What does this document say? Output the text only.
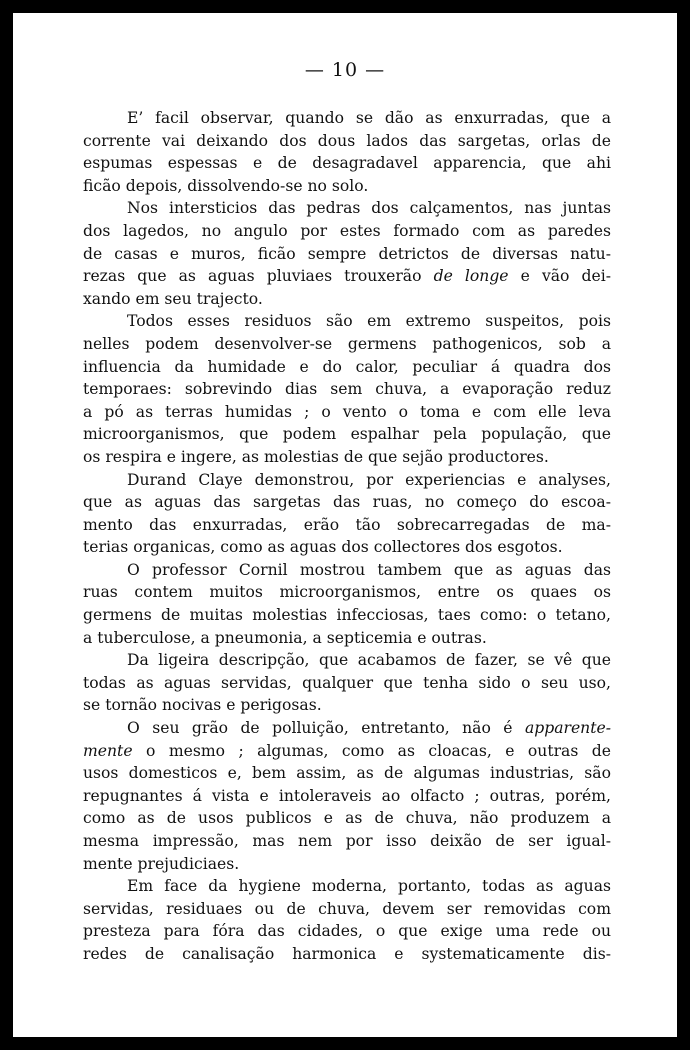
— 10 —
E’ facil observar, quando se dão as enxurradas, que a
corrente vai deixando dos dous lados das sargetas, orlas de
espumas espessas e de desagradavel apparencia, que ahi
ficão depois, dissolvendo-se no solo.
Nos intersticios das pedras dos calçamentos, nas juntas
dos lagedos, no angulo por estes formado com as paredes
de casas e muros, ficão sempre detrictos de diversas natu-
rezas que as aguas pluviaes trouxerão de longe e vão dei-
xando em seu trajecto.
Todos esses residuos são em extremo suspeitos, pois
nelles podem desenvolver-se germens pathogenicos, sob a
influencia da humidade e do calor, peculiar á quadra dos
temporaes: sobrevindo dias sem chuva, a evaporação reduz
a pó as terras humidas ; o vento o toma e com elle leva
microorganismos, que podem espalhar pela população, que
os respira e ingere, as molestias de que sejão productores.
Durand Claye demonstrou, por experiencias e analyses,
que as aguas das sargetas das ruas, no começo do escoa-
mento das enxurradas, erão tão sobrecarregadas de ma-
terias organicas, como as aguas dos collectores dos esgotos.
O professor Cornil mostrou tambem que as aguas das
ruas contem muitos microorganismos, entre os quaes os
germens de muitas molestias infecciosas, taes como: o tetano,
a tuberculose, a pneumonia, a septicemia e outras.
Da ligeira descripção, que acabamos de fazer, se vê que
todas as aguas servidas, qualquer que tenha sido o seu uso,
se tornão nocivas e perigosas.
O seu grão de polluição, entretanto, não é apparente-
mente o mesmo ; algumas, como as cloacas, e outras de
usos domesticos e, bem assim, as de algumas industrias, são
repugnantes á vista e intoleraveis ao olfacto ; outras, porém,
como as de usos publicos e as de chuva, não produzem a
mesma impressão, mas nem por isso deixão de ser igual-
mente prejudiciaes.
Em face da hygiene moderna, portanto, todas as aguas
servidas, residuaes ou de chuva, devem ser removidas com
presteza para fóra das cidades, o que exige uma rede ou
redes de canalisação harmonica e systematicamente dis-
